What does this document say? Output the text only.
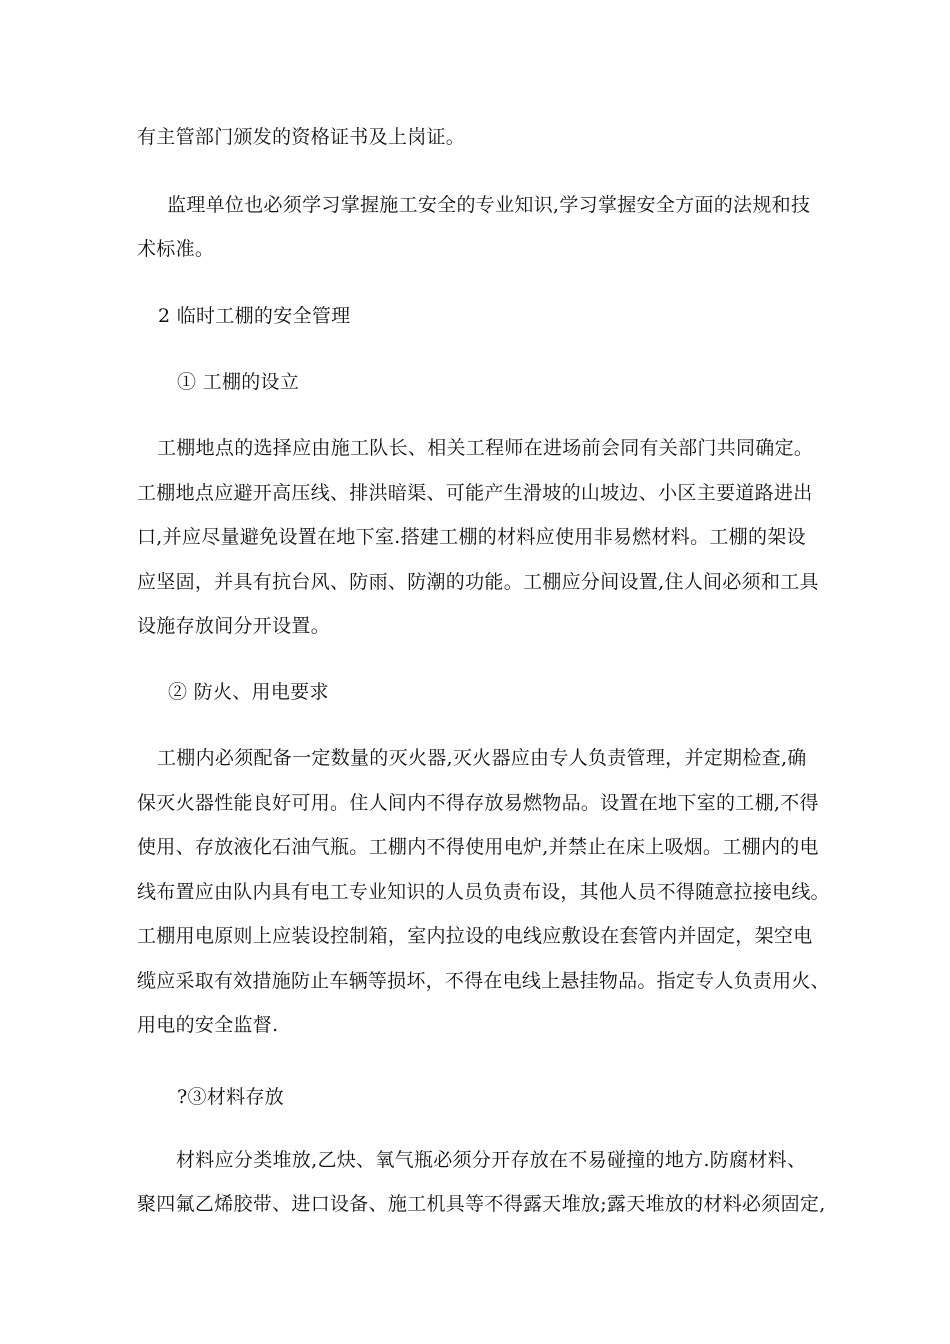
有主管部门颁发的资格证书及上岗证。
监理单位也必须学习掌握施工安全的专业知识,学习掌握安全方面的法规和技
术标准。
2 临时工棚的安全管理
① 工棚的设立
工棚地点的选择应由施工队长、相关工程师在进场前会同有关部门共同确定。
工棚地点应避开高压线、排洪暗渠、可能产生滑坡的山坡边、小区主要道路进出
口,并应尽量避免设置在地下室.搭建工棚的材料应使用非易燃材料。工棚的架设
应坚固，并具有抗台风、防雨、防潮的功能。工棚应分间设置,住人间必须和工具
设施存放间分开设置。
② 防火、用电要求
工棚内必须配备一定数量的灭火器,灭火器应由专人负责管理，并定期检查,确
保灭火器性能良好可用。住人间内不得存放易燃物品。设置在地下室的工棚,不得
使用、存放液化石油气瓶。工棚内不得使用电炉,并禁止在床上吸烟。工棚内的电
线布置应由队内具有电工专业知识的人员负责布设，其他人员不得随意拉接电线。
工棚用电原则上应装设控制箱，室内拉设的电线应敷设在套管内并固定，架空电
缆应采取有效措施防止车辆等损坏，不得在电线上悬挂物品。指定专人负责用火、
用电的安全监督.
?③材料存放
材料应分类堆放,乙炔、氧气瓶必须分开存放在不易碰撞的地方.防腐材料、
聚四氟乙烯胶带、进口设备、施工机具等不得露天堆放;露天堆放的材料必须固定,
